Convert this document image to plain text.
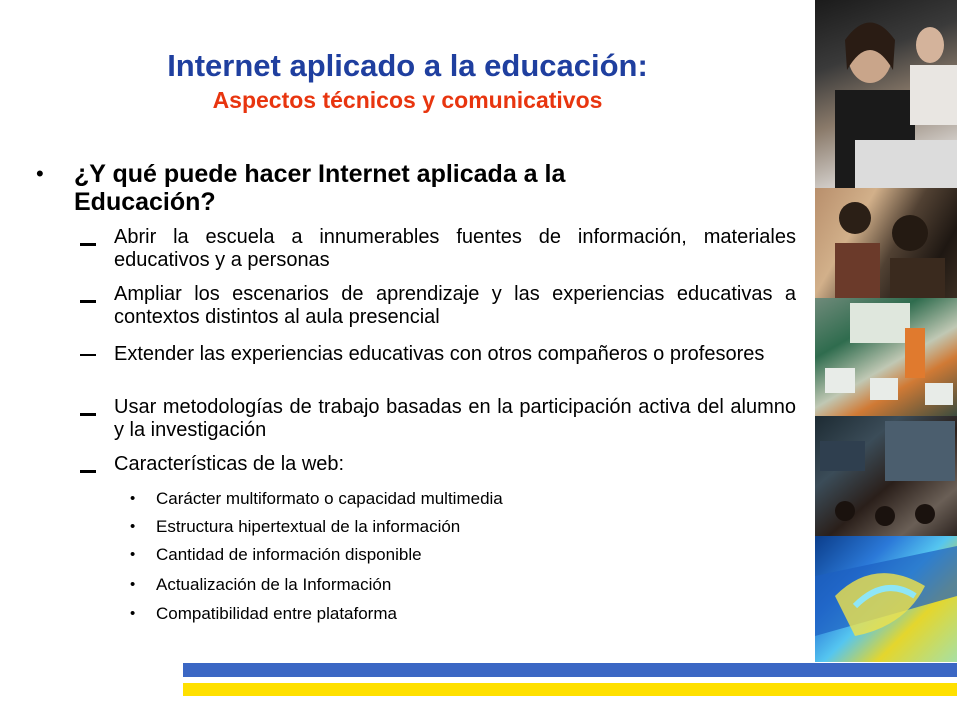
Internet aplicado a la educación:
Aspectos técnicos y comunicativos
• ¿Y qué puede hacer Internet aplicada a la
Educación?
Abrir la escuela a innumerables fuentes de información, materiales educativos y a personas
Ampliar los escenarios de aprendizaje y las experiencias educativas a contextos distintos al aula presencial
Extender las experiencias educativas con otros compañeros o profesores
Usar metodologías de trabajo basadas en la participación activa del alumno y la investigación
Características de la web:
• Carácter multiformato o capacidad multimedia
• Estructura hipertextual de la información
• Cantidad de información disponible
• Actualización de la Información
• Compatibilidad entre plataforma
